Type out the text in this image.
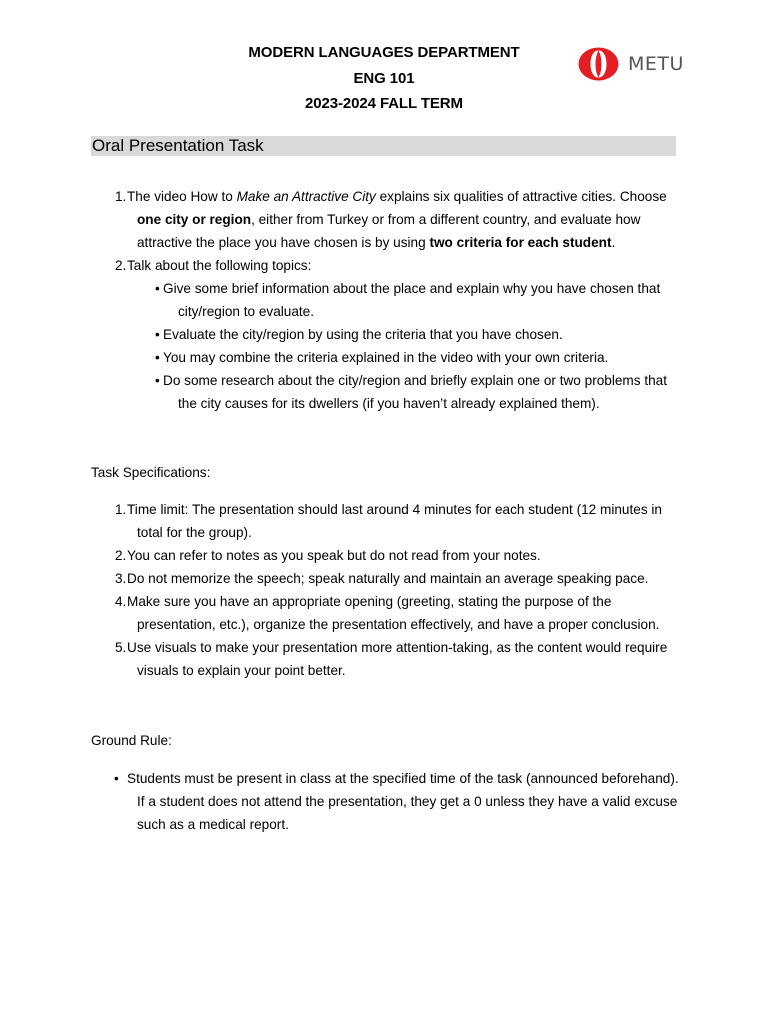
MODERN LANGUAGES DEPARTMENT
ENG 101
2023-2024 FALL TERM
METU
Oral Presentation Task
1. The video How to Make an Attractive City explains six qualities of attractive cities. Choose one city or region, either from Turkey or from a different country, and evaluate how attractive the place you have chosen is by using two criteria for each student.
2. Talk about the following topics:
• Give some brief information about the place and explain why you have chosen that city/region to evaluate.
• Evaluate the city/region by using the criteria that you have chosen.
• You may combine the criteria explained in the video with your own criteria.
• Do some research about the city/region and briefly explain one or two problems that the city causes for its dwellers (if you haven’t already explained them).
Task Specifications:
1. Time limit: The presentation should last around 4 minutes for each student (12 minutes in total for the group).
2. You can refer to notes as you speak but do not read from your notes.
3. Do not memorize the speech; speak naturally and maintain an average speaking pace.
4. Make sure you have an appropriate opening (greeting, stating the purpose of the presentation, etc.), organize the presentation effectively, and have a proper conclusion.
5. Use visuals to make your presentation more attention-taking, as the content would require visuals to explain your point better.
Ground Rule:
• Students must be present in class at the specified time of the task (announced beforehand). If a student does not attend the presentation, they get a 0 unless they have a valid excuse such as a medical report.
